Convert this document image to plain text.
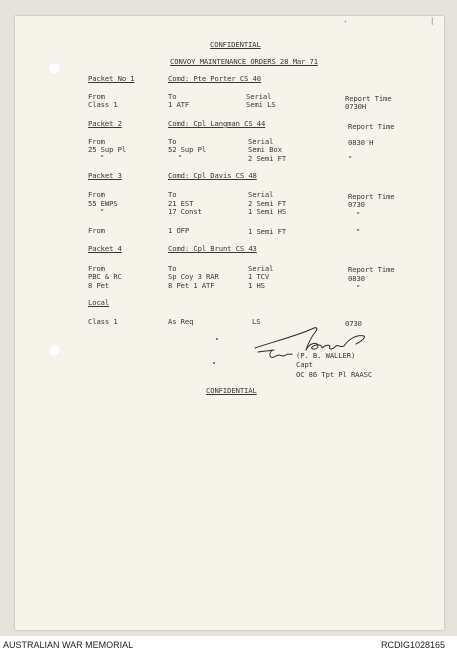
ʼ	|
CONFIDENTIAL
CONVOY MAINTENANCE ORDERS 28 Mar 71
Packet No 1	Comd: Pte Porter CS 40
From	To	Serial	Report Time
Class 1	1 ATF	Semi LS	0730H
Packet 2	Comd: Cpl Langman CS 44	Report Time
From	To	Serial	0830 H
25 Sup Pl	52 Sup Pl	Semi Box
"	"	2 Semi FT	"
Packet 3	Comd: Cpl Davis CS 48
From	To	Serial	Report Time
55 EWPS	21 EST	2 Semi FT	0730
"	17 Const	1 Semi HS	"
From	1 OFP	1 Semi FT	"
Packet 4	Comd: Cpl Brunt CS 43
From	To	Serial	Report Time
PBC & RC	Sp Coy 3 RAR	1 TCV	0830
8 Pet	8 Pet 1 ATF	1 HS	"
Local
Class 1	As Req	LS	0730
(P. B. WALLER)
Capt
OC 86 Tpt Pl RAASC
CONFIDENTIAL
AUSTRALIAN WAR MEMORIAL	RCDIG1028165
